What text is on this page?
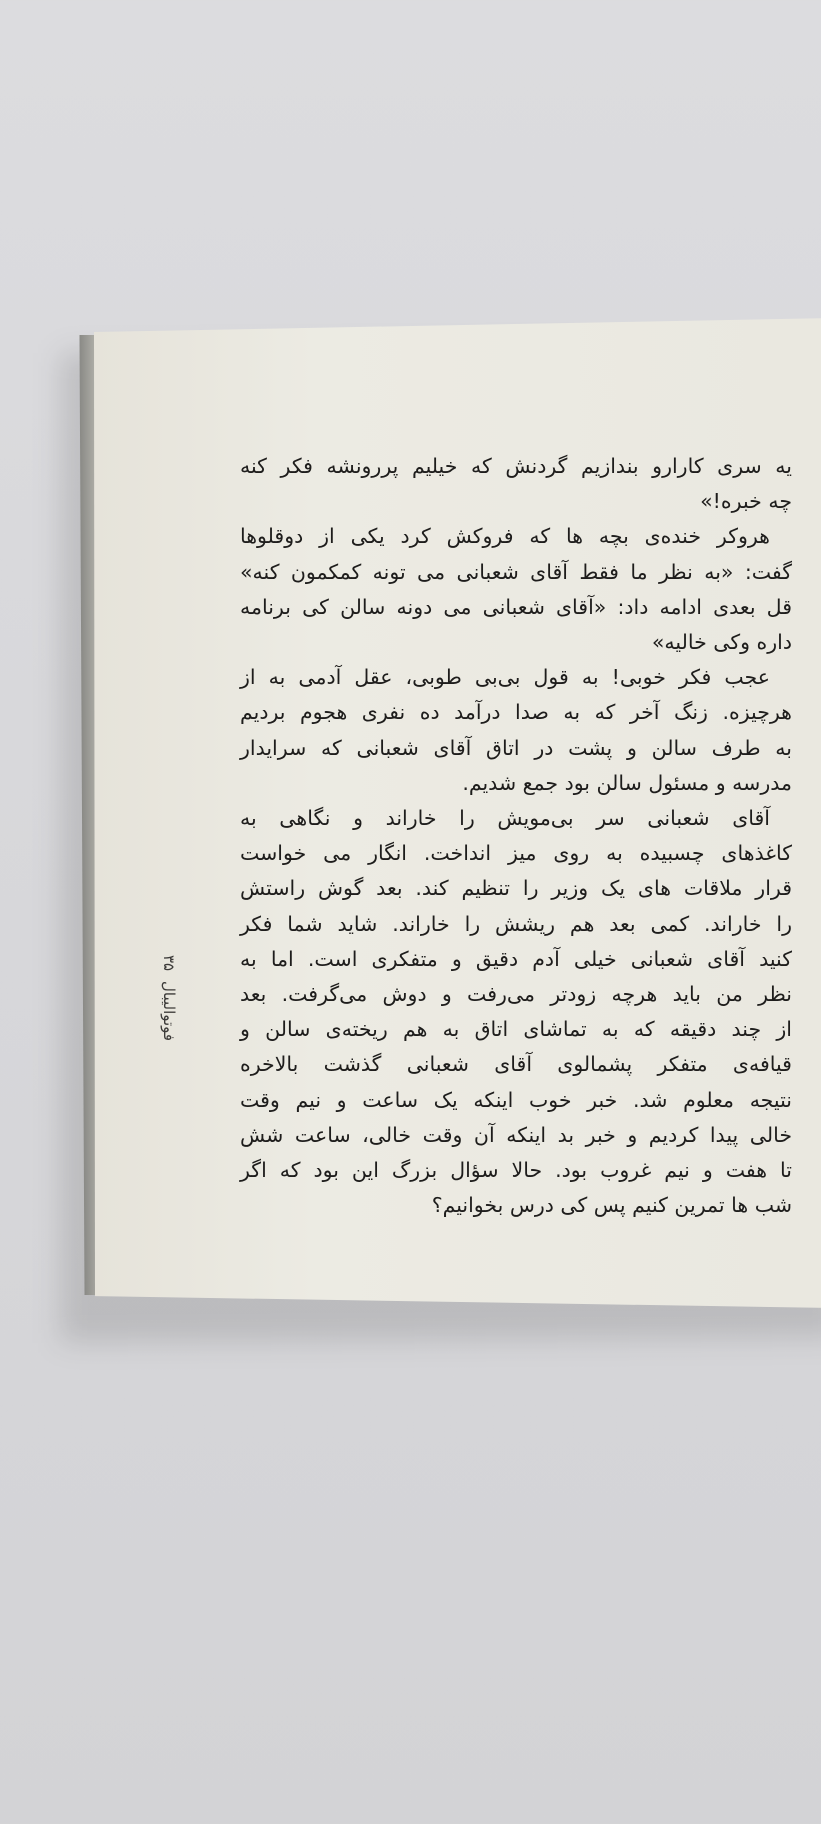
۳۵
فوتوالیبال
یه سری کارارو بندازیم گردنش که خیلیم پررونشه فکر کنه
چه خبره!»
هروکر خنده‌ی بچه ها که فروکش کرد یکی از دوقلوها
گفت: «به نظر ما فقط آقای شعبانی می تونه کمکمون کنه»
قل بعدی ادامه داد: «آقای شعبانی می دونه سالن کی برنامه
داره وکی خالیه»
عجب فکر خوبی! به قول بی‌بی طوبی، عقل آدمی به از
هرچیزه. زنگ آخر که به صدا درآمد ده نفری هجوم بردیم
به طرف سالن و پشت در اتاق آقای شعبانی که سرایدار
مدرسه و مسئول سالن بود جمع شدیم.
آقای شعبانی سر بی‌مویش را خاراند و نگاهی به
کاغذهای چسبیده به روی میز انداخت. انگار می خواست
قرار ملاقات های یک وزیر را تنظیم کند. بعد گوش راستش
را خاراند. کمی بعد هم ریشش را خاراند. شاید شما فکر
کنید آقای شعبانی خیلی آدم دقیق و متفکری است. اما به
نظر من باید هرچه زودتر می‌رفت و دوش می‌گرفت. بعد
از چند دقیقه که به تماشای اتاق به هم ریخته‌ی سالن و
قیافه‌ی متفکر پشمالوی آقای شعبانی گذشت بالاخره
نتیجه معلوم شد. خبر خوب اینکه یک ساعت و نیم وقت
خالی پیدا کردیم و خبر بد اینکه آن وقت خالی، ساعت شش
تا هفت و نیم غروب بود. حالا سؤال بزرگ این بود که اگر
شب ها تمرین کنیم پس کی درس بخوانیم؟
